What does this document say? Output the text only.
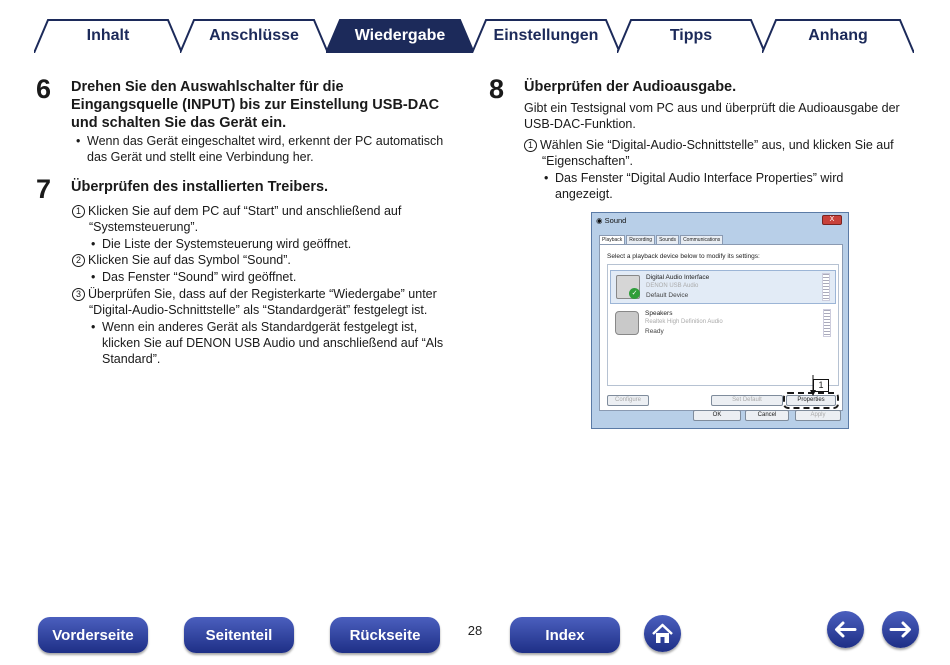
Inhalt	Anschlüsse	Wiedergabe	Einstellungen	Tipps	Anhang
6 Drehen Sie den Auswahlschalter für die
Eingangsquelle (INPUT) bis zur Einstellung USB-DAC
und schalten Sie das Gerät ein.
• Wenn das Gerät eingeschaltet wird, erkennt der PC automatisch
das Gerät und stellt eine Verbindung her.
7 Überprüfen des installierten Treibers.
1 Klicken Sie auf dem PC auf “Start” und anschließend auf
“Systemsteuerung”.
• Die Liste der Systemsteuerung wird geöffnet.
2 Klicken Sie auf das Symbol “Sound”.
• Das Fenster “Sound” wird geöffnet.
3 Überprüfen Sie, dass auf der Registerkarte “Wiedergabe” unter
“Digital-Audio-Schnittstelle” als “Standardgerät” festgelegt ist.
• Wenn ein anderes Gerät als Standardgerät festgelegt ist,
klicken Sie auf DENON USB Audio und anschließend auf “Als
Standard”.
8 Überprüfen der Audioausgabe.
Gibt ein Testsignal vom PC aus und überprüft die Audioausgabe der
USB-DAC-Funktion.
1 Wählen Sie “Digital-Audio-Schnittstelle” aus, und klicken Sie auf
“Eigenschaften”.
• Das Fenster “Digital Audio Interface Properties” wird
angezeigt.
◉ Sound	X
Playback	Recording	Sounds	Communications
Select a playback device below to modify its settings:
✓
Digital Audio Interface
DENON USB Audio
Default Device
Speakers
Realtek High Definition Audio
Ready
Configure	Set Default	Properties
1
OK	Cancel	Apply
Vorderseite	Seitenteil	Rückseite	28	Index
